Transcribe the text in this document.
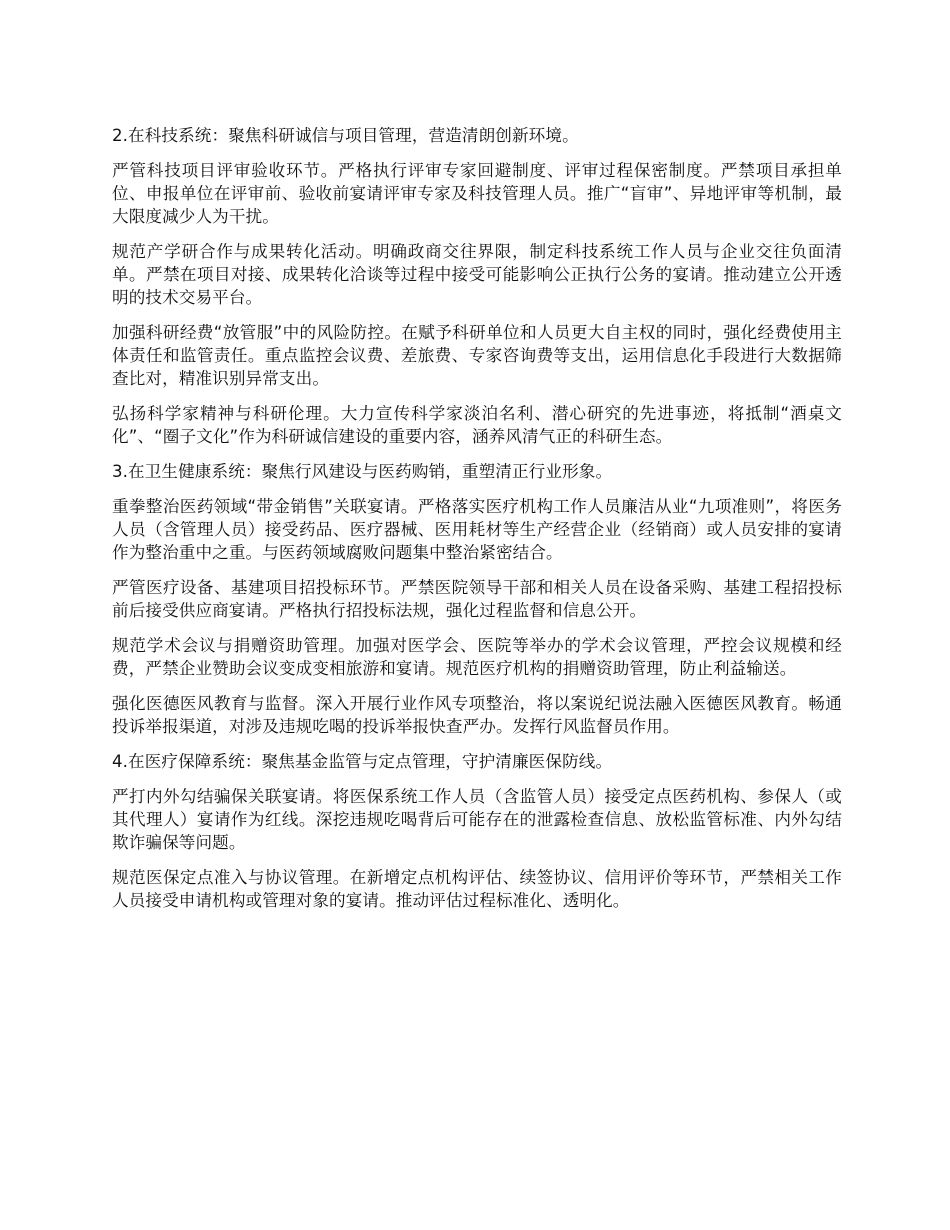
2.在科技系统：聚焦科研诚信与项目管理，营造清朗创新环境。

严管科技项目评审验收环节。严格执行评审专家回避制度、评审过程保密制度。严禁项目承担单位、申报单位在评审前、验收前宴请评审专家及科技管理人员。推广“盲审”、异地评审等机制，最大限度减少人为干扰。

规范产学研合作与成果转化活动。明确政商交往界限，制定科技系统工作人员与企业交往负面清单。严禁在项目对接、成果转化洽谈等过程中接受可能影响公正执行公务的宴请。推动建立公开透明的技术交易平台。

加强科研经费“放管服”中的风险防控。在赋予科研单位和人员更大自主权的同时，强化经费使用主体责任和监管责任。重点监控会议费、差旅费、专家咨询费等支出，运用信息化手段进行大数据筛查比对，精准识别异常支出。

弘扬科学家精神与科研伦理。大力宣传科学家淡泊名利、潜心研究的先进事迹，将抵制“酒桌文化”、“圈子文化”作为科研诚信建设的重要内容，涵养风清气正的科研生态。

3.在卫生健康系统：聚焦行风建设与医药购销，重塑清正行业形象。

重拳整治医药领域“带金销售”关联宴请。严格落实医疗机构工作人员廉洁从业“九项准则”，将医务人员（含管理人员）接受药品、医疗器械、医用耗材等生产经营企业（经销商）或人员安排的宴请作为整治重中之重。与医药领域腐败问题集中整治紧密结合。

严管医疗设备、基建项目招投标环节。严禁医院领导干部和相关人员在设备采购、基建工程招投标前后接受供应商宴请。严格执行招投标法规，强化过程监督和信息公开。

规范学术会议与捐赠资助管理。加强对医学会、医院等举办的学术会议管理，严控会议规模和经费，严禁企业赞助会议变成变相旅游和宴请。规范医疗机构的捐赠资助管理，防止利益输送。

强化医德医风教育与监督。深入开展行业作风专项整治，将以案说纪说法融入医德医风教育。畅通投诉举报渠道，对涉及违规吃喝的投诉举报快查严办。发挥行风监督员作用。

4.在医疗保障系统：聚焦基金监管与定点管理，守护清廉医保防线。

严打内外勾结骗保关联宴请。将医保系统工作人员（含监管人员）接受定点医药机构、参保人（或其代理人）宴请作为红线。深挖违规吃喝背后可能存在的泄露检查信息、放松监管标准、内外勾结欺诈骗保等问题。

规范医保定点准入与协议管理。在新增定点机构评估、续签协议、信用评价等环节，严禁相关工作人员接受申请机构或管理对象的宴请。推动评估过程标准化、透明化。
